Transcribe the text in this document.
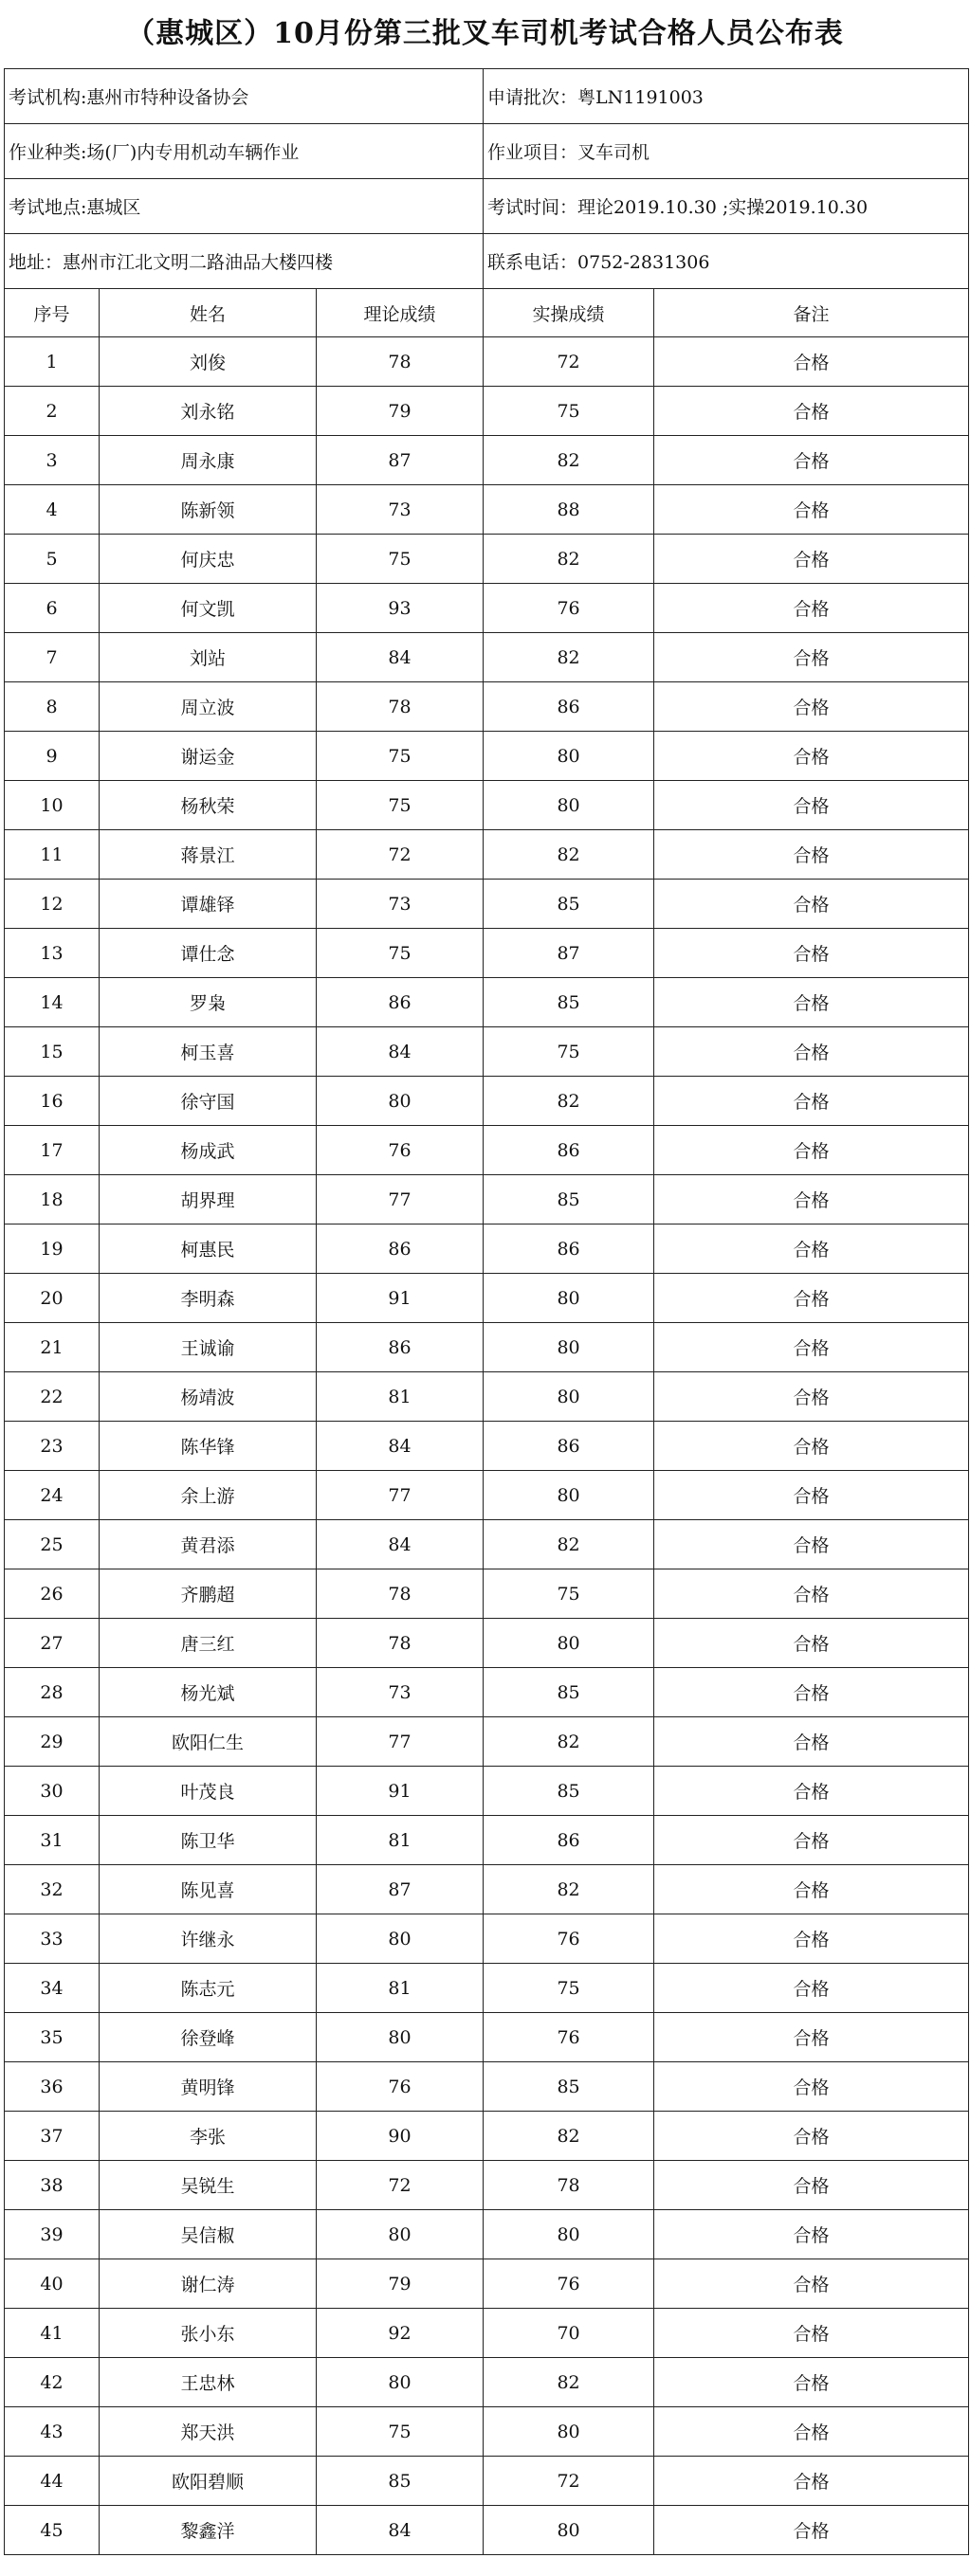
（惠城区）10月份第三批叉车司机考试合格人员公布表
考试机构:惠州市特种设备协会			申请批次：粤LN1191003	
作业种类:场(厂)内专用机动车辆作业			作业项目：叉车司机	
考试地点:惠城区			考试时间：理论2019.10.30 ;实操2019.10.30	
地址：惠州市江北文明二路油品大楼四楼			联系电话：0752-2831306	
序号	姓名	理论成绩	实操成绩	备注
1	刘俊	78	72	合格
2	刘永铭	79	75	合格
3	周永康	87	82	合格
4	陈新领	73	88	合格
5	何庆忠	75	82	合格
6	何文凯	93	76	合格
7	刘站	84	82	合格
8	周立波	78	86	合格
9	谢运金	75	80	合格
10	杨秋荣	75	80	合格
11	蒋景江	72	82	合格
12	谭雄铎	73	85	合格
13	谭仕念	75	87	合格
14	罗枭	86	85	合格
15	柯玉喜	84	75	合格
16	徐守国	80	82	合格
17	杨成武	76	86	合格
18	胡界理	77	85	合格
19	柯惠民	86	86	合格
20	李明森	91	80	合格
21	王诚谕	86	80	合格
22	杨靖波	81	80	合格
23	陈华锋	84	86	合格
24	余上游	77	80	合格
25	黄君添	84	82	合格
26	齐鹏超	78	75	合格
27	唐三红	78	80	合格
28	杨光斌	73	85	合格
29	欧阳仁生	77	82	合格
30	叶茂良	91	85	合格
31	陈卫华	81	86	合格
32	陈见喜	87	82	合格
33	许继永	80	76	合格
34	陈志元	81	75	合格
35	徐登峰	80	76	合格
36	黄明锋	76	85	合格
37	李张	90	82	合格
38	吴锐生	72	78	合格
39	吴信椒	80	80	合格
40	谢仁涛	79	76	合格
41	张小东	92	70	合格
42	王忠林	80	82	合格
43	郑天洪	75	80	合格
44	欧阳碧顺	85	72	合格
45	黎鑫洋	84	80	合格
